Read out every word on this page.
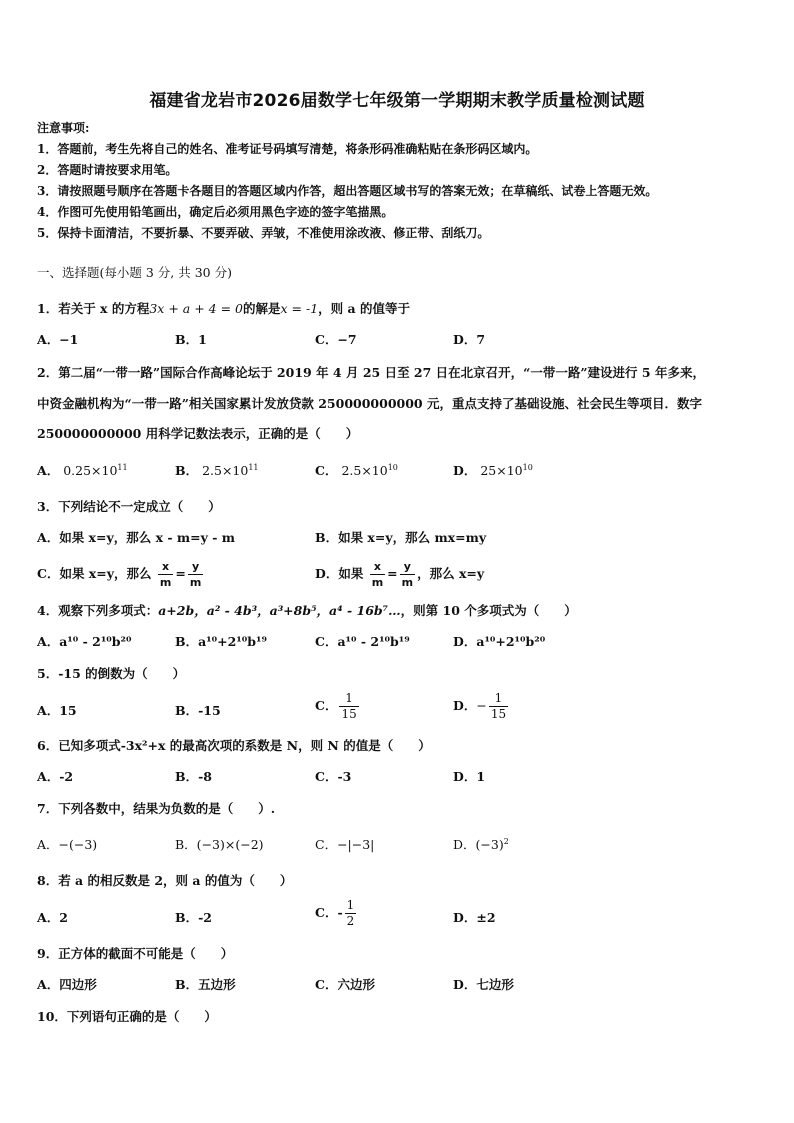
福建省龙岩市2026届数学七年级第一学期期末教学质量检测试题
注意事项:
1．答题前，考生先将自己的姓名、准考证号码填写清楚，将条形码准确粘贴在条形码区域内。
2．答题时请按要求用笔。
3．请按照题号顺序在答题卡各题目的答题区域内作答，超出答题区域书写的答案无效；在草稿纸、试卷上答题无效。
4．作图可先使用铅笔画出，确定后必须用黑色字迹的签字笔描黑。
5．保持卡面清洁，不要折暴、不要弄破、弄皱，不准使用涂改液、修正带、刮纸刀。
一、选择题(每小题 3 分, 共 30 分)
1．若关于 x 的方程3x + a + 4 = 0的解是x = -1，则 a 的值等于
A．−1	B．1	C．−7	D．7
2．第二届“一带一路”国际合作高峰论坛于 2019 年 4 月 25 日至 27 日在北京召开，“一带一路”建设进行 5 年多来，
中资金融机构为“一带一路”相关国家累计发放贷款 250000000000 元，重点支持了基础设施、社会民生等项目．数字
250000000000 用科学记数法表示，正确的是（　　）
A． $0.25\times 10^{11}$	B． $2.5\times 10^{11}$	C． $2.5\times 10^{10}$	D． $25\times 10^{10}$
3．下列结论不一定成立（　　）
A．如果 x=y，那么 x - m=y - m	B．如果 x=y，那么 mx=my
C．如果 x=y，那么 $\frac{x}{m} = \frac{y}{m}$	D．如果 $\frac{x}{m} = \frac{y}{m}$ ，那么 x=y
4．观察下列多项式：a+2b，a² - 4b³，a³+8b⁵，a⁴ - 16b⁷…，则第 10 个多项式为（　　）
A．a¹⁰ - 2¹⁰b²⁰	B．a¹⁰+2¹⁰b¹⁹	C．a¹⁰ - 2¹⁰b¹⁹	D．a¹⁰+2¹⁰b²⁰
5．-15 的倒数为（　　）
A．15	B．-15	C． $\frac{1}{15}$	D．− $\frac{1}{15}$
6．已知多项式-3x²+x 的最高次项的系数是 N，则 N 的值是（　　）
A．-2	B．-8	C．-3	D．1
7．下列各数中，结果为负数的是（　　）.
A．−(−3)	B．(−3)×(−2)	C．−|−3|	D．$(-3)^2$
8．若 a 的相反数是 2，则 a 的值为（　　）
A．2	B．-2	C．- $\frac{1}{2}$	D．±2
9．正方体的截面不可能是（　　）
A．四边形	B．五边形	C．六边形	D．七边形
10．下列语句正确的是（　　）
